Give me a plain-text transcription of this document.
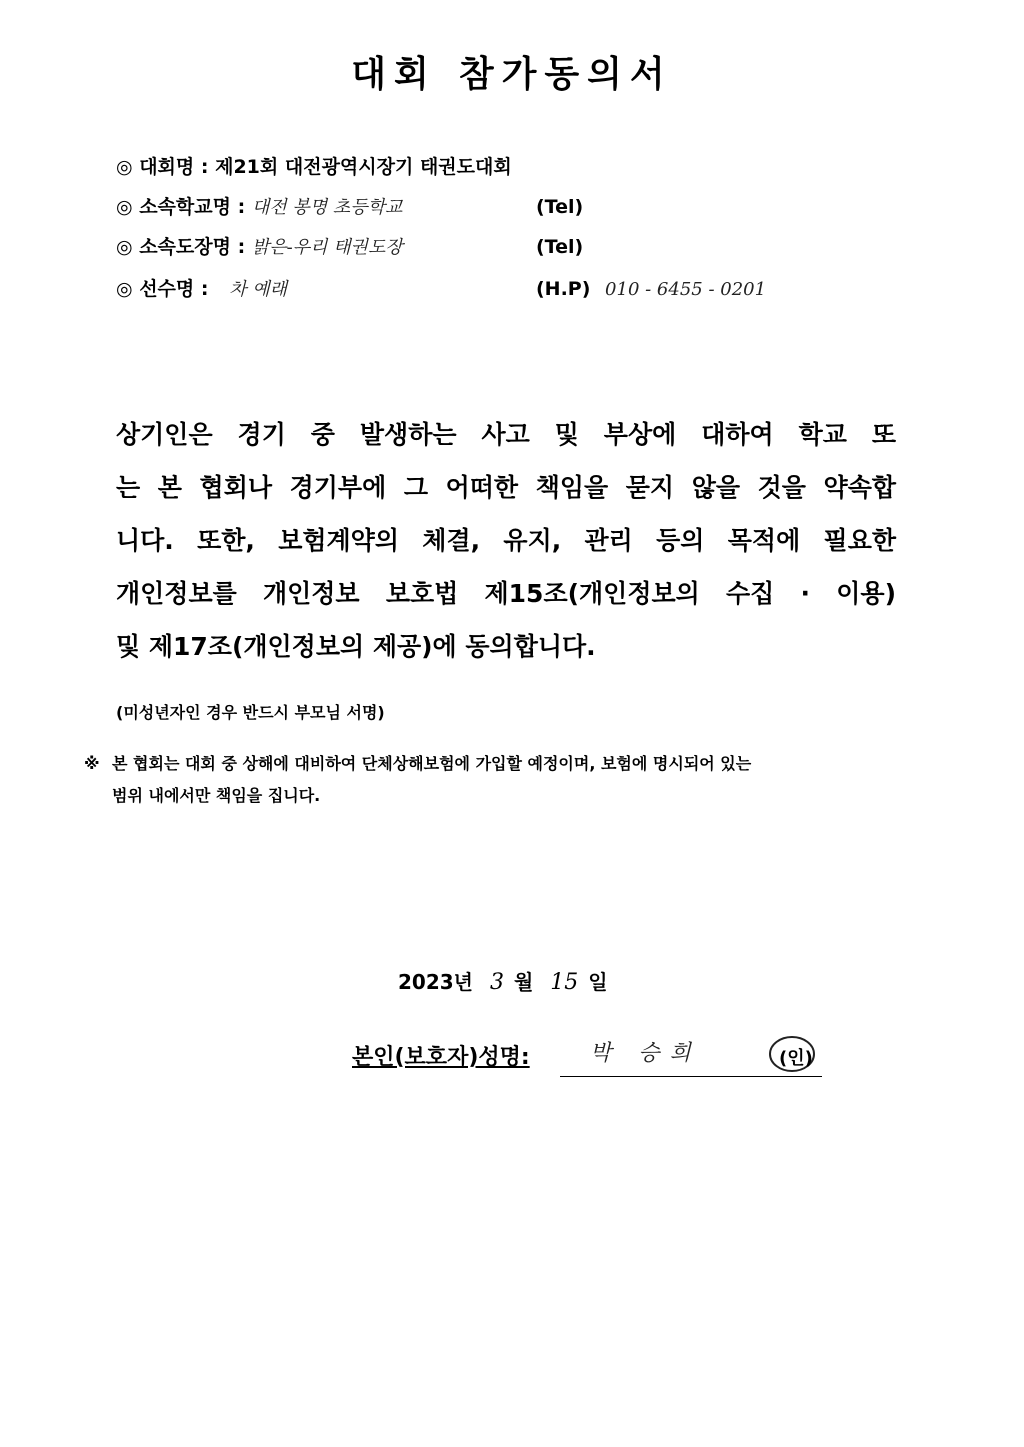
대회 참가동의서
◎ 대회명 : 제21회 대전광역시장기 태권도대회
◎ 소속학교명 : 대전 봉명 초등학교	(Tel)
◎ 소속도장명 : 밝은-우리 태권도장	(Tel)
◎ 선수명 : 차 예래	(H.P) 010 - 6455 - 0201
상기인은 경기 중 발생하는 사고 및 부상에 대하여 학교 또
는 본 협회나 경기부에 그 어떠한 책임을 묻지 않을 것을 약속합
니다. 또한, 보험계약의 체결, 유지, 관리 등의 목적에 필요한
개인정보를 개인정보 보호법 제15조(개인정보의 수집 · 이용)
및 제17조(개인정보의 제공)에 동의합니다.
(미성년자인 경우 반드시 부모님 서명)
※ 본 협회는 대회 중 상해에 대비하여 단체상해보험에 가입할 예정이며, 보험에 명시되어 있는
범위 내에서만 책임을 집니다.
2023년 3 월 15 일
본인(보호자)성명:	박 승희	(인)
